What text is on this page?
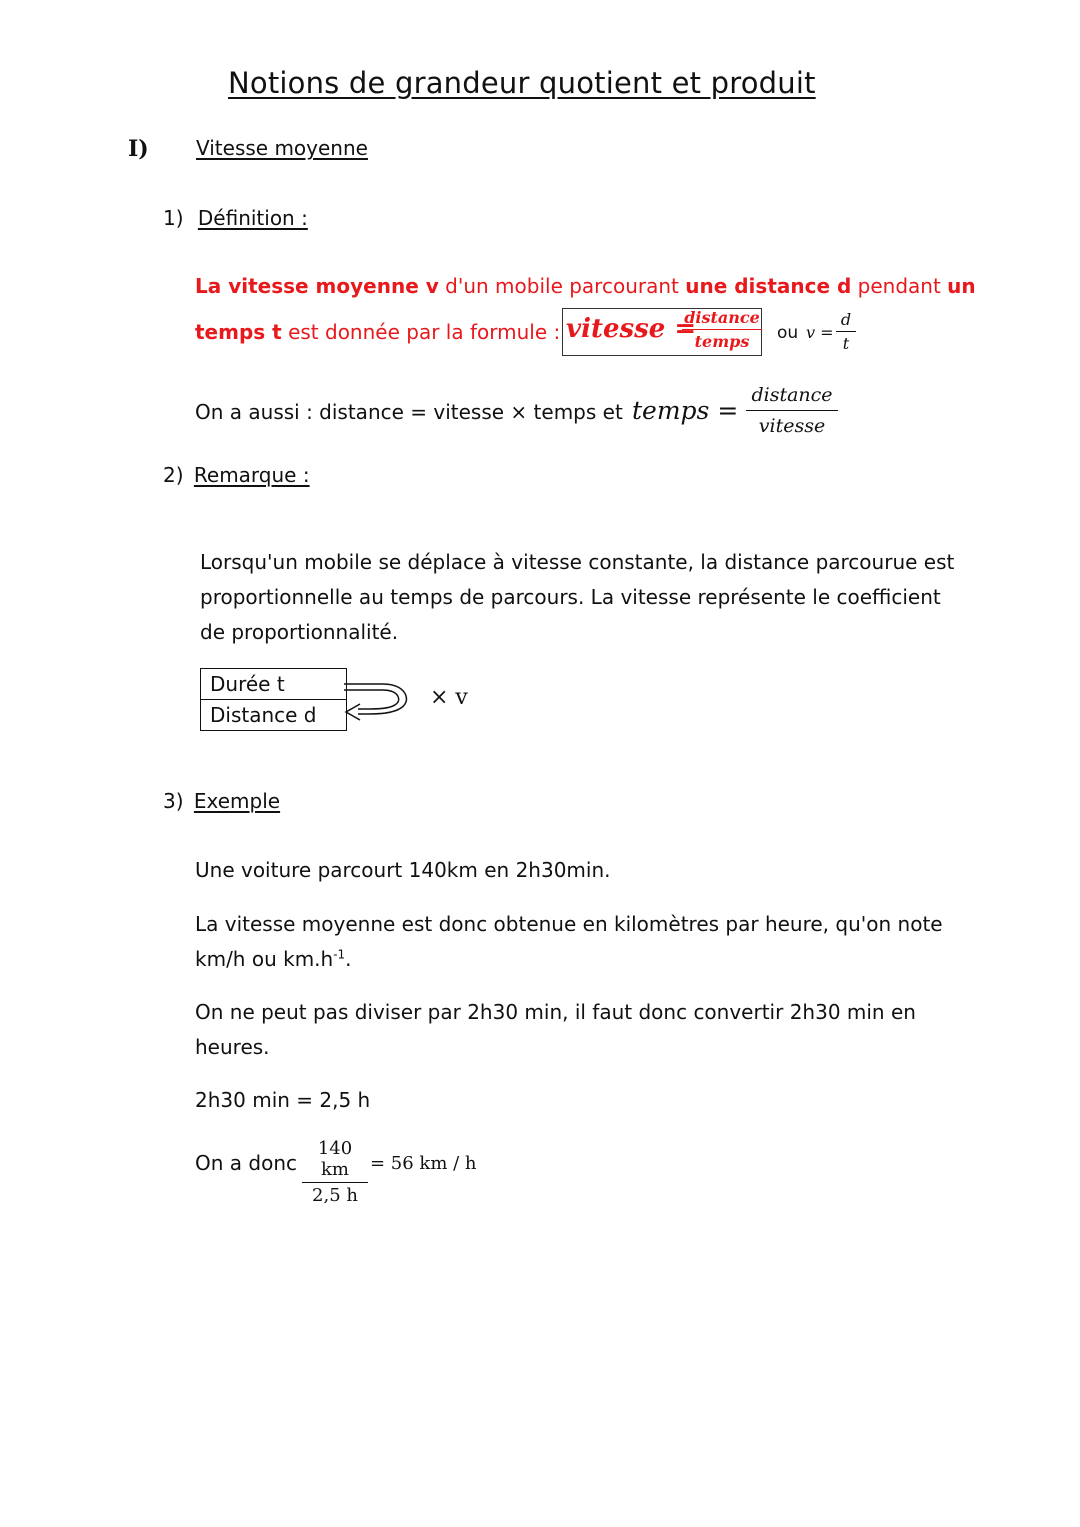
Notions de grandeur quotient et produit
I) Vitesse moyenne
1) Définition :
La vitesse moyenne v d'un mobile parcourant une distance d pendant un
temps t est donnée par la formule : vitesse =
distance
temps	ou v =
d
t
On a aussi : distance = vitesse × temps et temps =
distance
vitesse
2) Remarque :
Lorsqu'un mobile se déplace à vitesse constante, la distance parcourue est
proportionnelle au temps de parcours. La vitesse représente le coefficient
de proportionnalité.
Durée t
Distance d
× v
3) Exemple
Une voiture parcourt 140km en 2h30min.
La vitesse moyenne est donc obtenue en kilomètres par heure, qu'on note
km/h ou $km.h^{-1}$.
On ne peut pas diviser par 2h30 min, il faut donc convertir 2h30 min en
heures.
2h30 min = 2,5 h
On a donc
140 km
2,5 h
= 56 km / h
